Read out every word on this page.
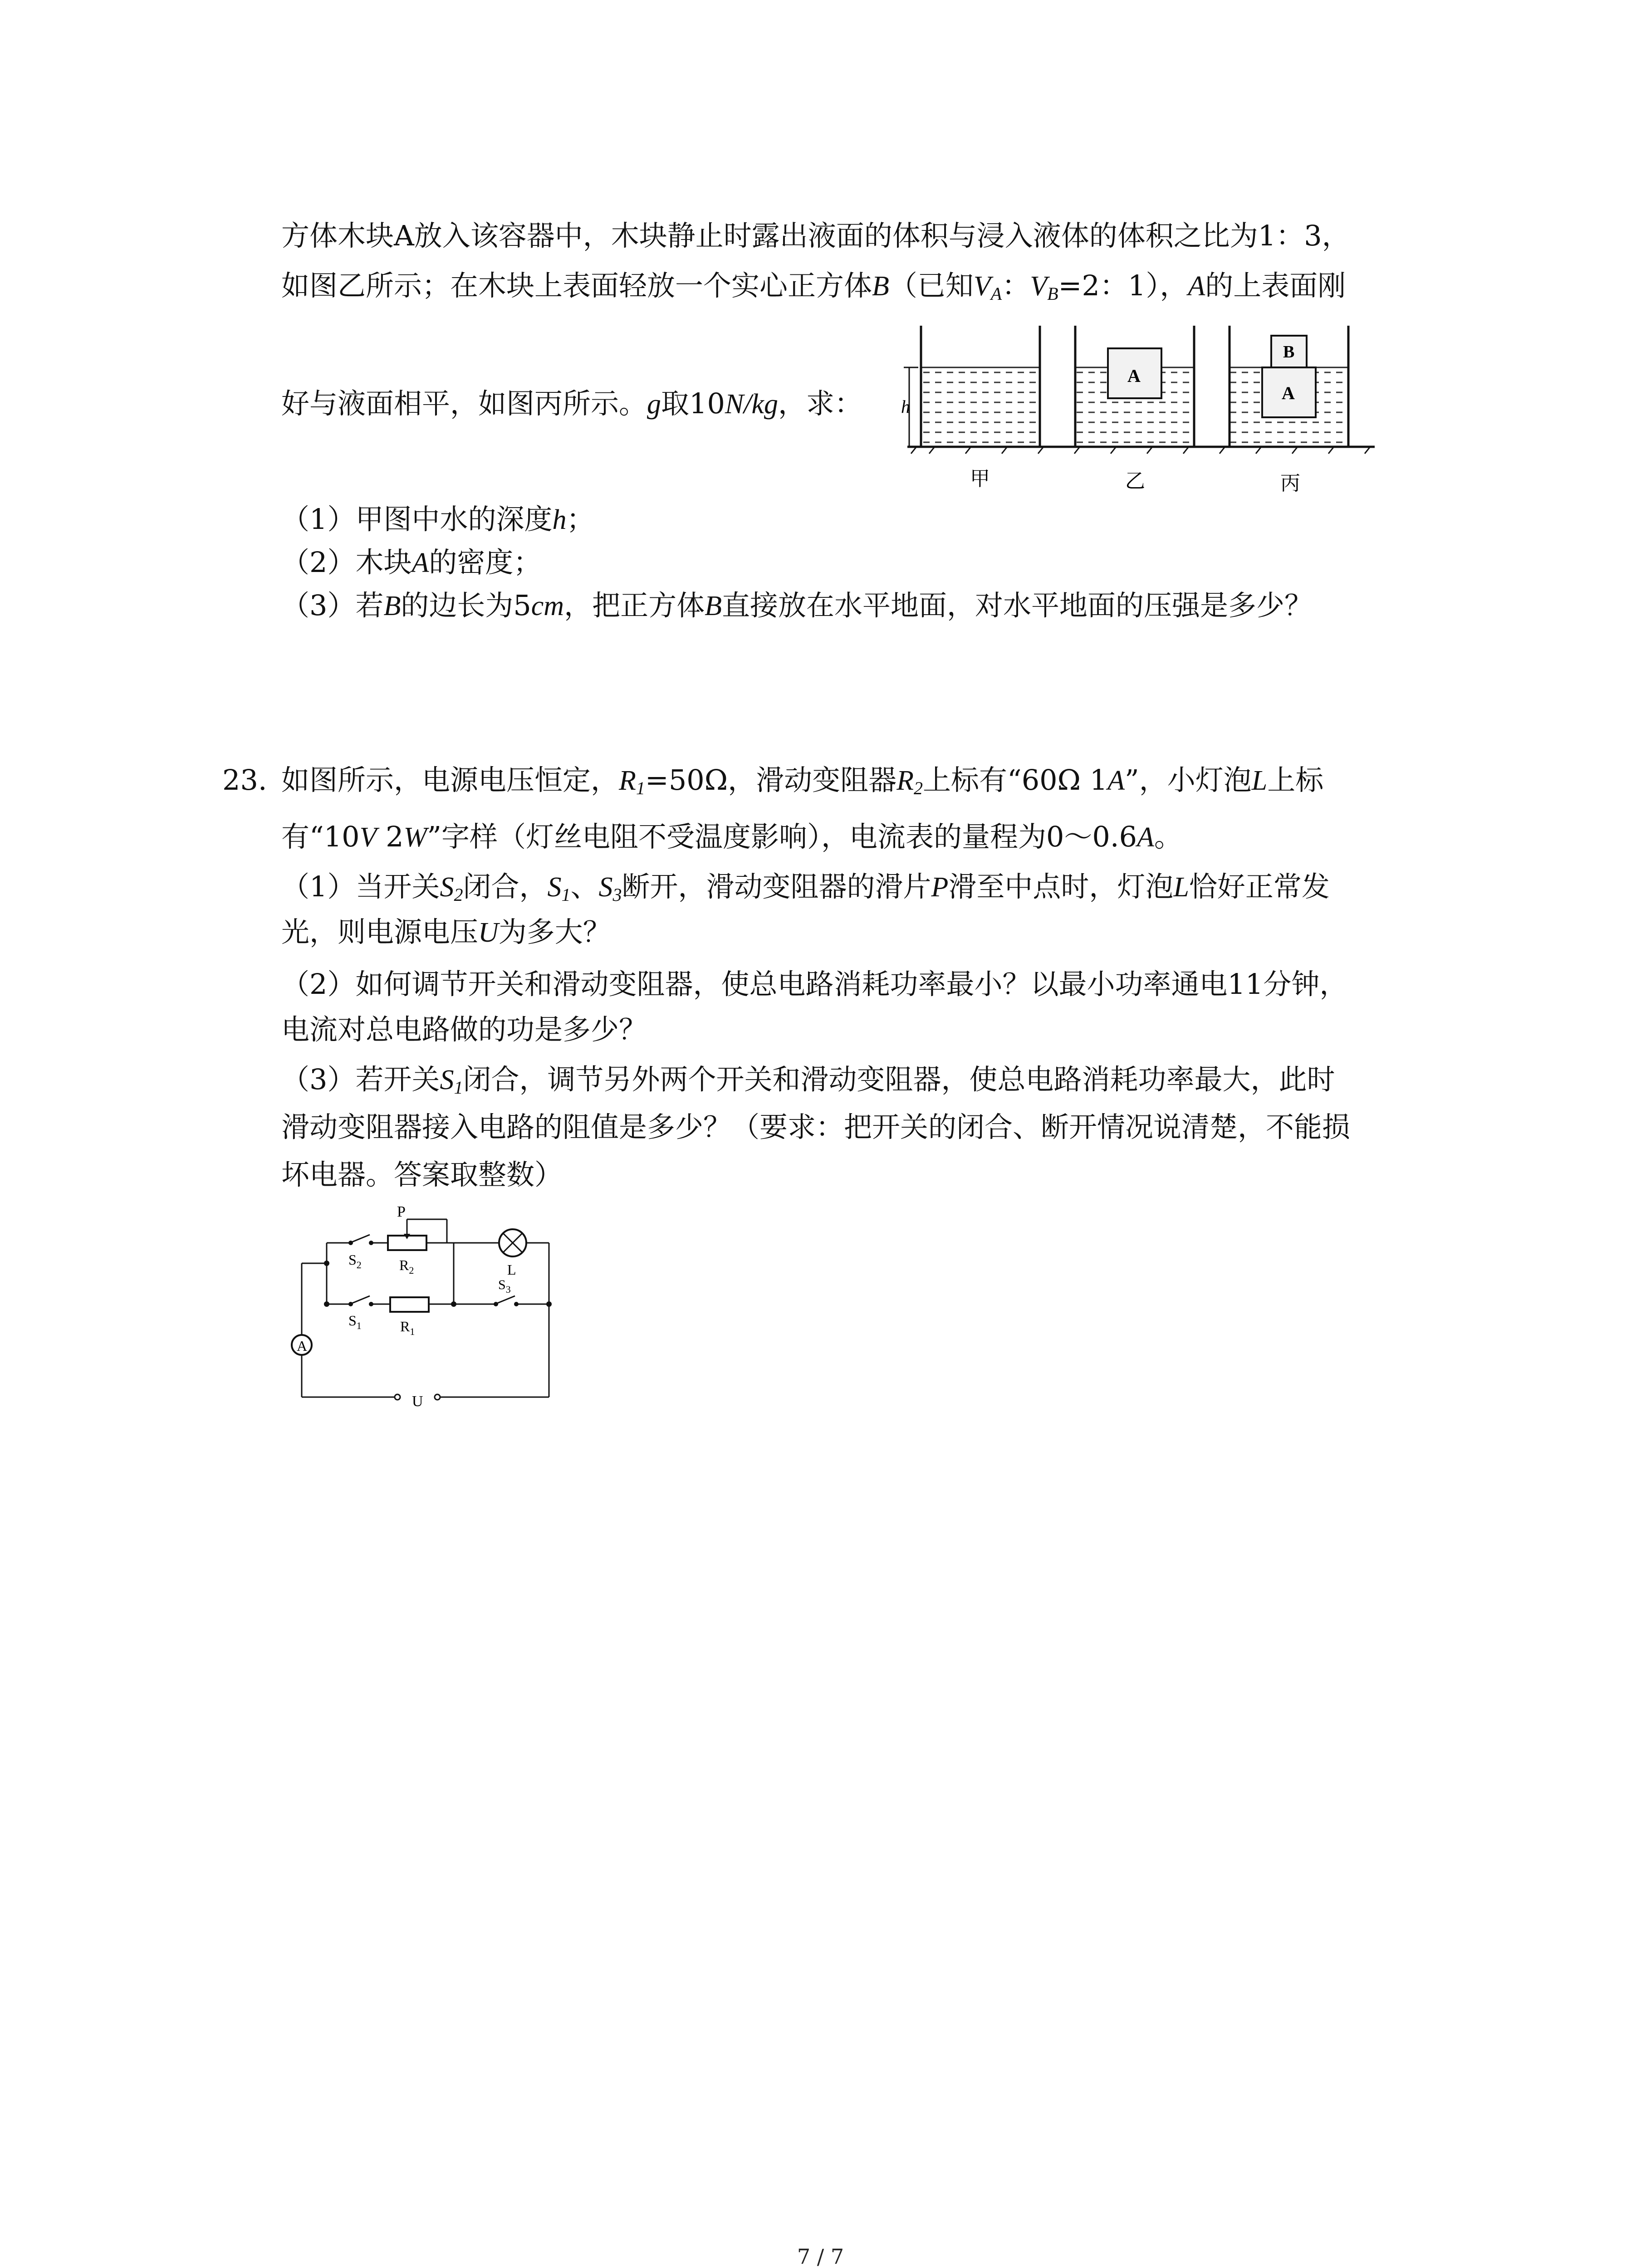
方体木块A放入该容器中，木块静止时露出液面的体积与浸入液体的体积之比为1：3，
如图乙所示；在木块上表面轻放一个实心正方体B（已知$V_A$：$V_B=2$：1），A的上表面刚
好与液面相平，如图丙所示。g取10N/kg，求： h
A
A
B
甲	乙	丙
（1）甲图中水的深度h；
（2）木块A的密度；
（3）若B的边长为5cm，把正方体B直接放在水平地面，对水平地面的压强是多少？
23. 如图所示，电源电压恒定，$R_1=50\Omega$，滑动变阻器$R_2$上标有“60Ω 1A”，小灯泡L上标
有“10V 2W”字样（灯丝电阻不受温度影响），电流表的量程为0～0.6A。
（1）当开关$S_2$闭合，$S_1$、$S_3$断开，滑动变阻器的滑片P滑至中点时，灯泡L恰好正常发
光，则电源电压U为多大？
（2）如何调节开关和滑动变阻器，使总电路消耗功率最小？以最小功率通电11分钟，
电流对总电路做的功是多少？
（3）若开关$S_1$闭合，调节另外两个开关和滑动变阻器，使总电路消耗功率最大，此时
滑动变阻器接入电路的阻值是多少？（要求：把开关的闭合、断开情况说清楚，不能损
坏电器。答案取整数）
A
P
$S_2$	$R_2$	L
$S_3$
$S_1$	$R_1$
U
7 / 7
